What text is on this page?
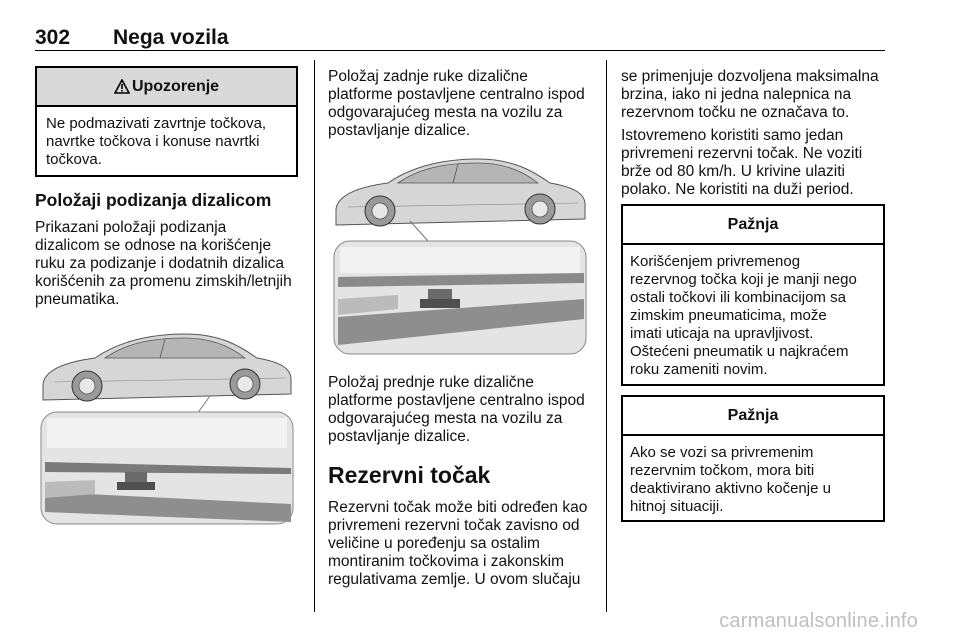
302 Nega vozila
Upozorenje
Ne podmazivati zavrtnje točkova,
navrtke točkova i konuse navrtki
točkova.
Položaji podizanja dizalicom
Prikazani položaji podizanja
dizalicom se odnose na korišćenje
ruku za podizanje i dodatnih dizalica
korišćenih za promenu zimskih/letnjih
pneumatika.
Položaj zadnje ruke dizalične
platforme postavljene centralno ispod
odgovarajućeg mesta na vozilu za
postavljanje dizalice.
Položaj prednje ruke dizalične
platforme postavljene centralno ispod
odgovarajućeg mesta na vozilu za
postavljanje dizalice.
Rezervni točak
Rezervni točak može biti određen kao
privremeni rezervni točak zavisno od
veličine u poređenju sa ostalim
montiranim točkovima i zakonskim
regulativama zemlje. U ovom slučaju
se primenjuje dozvoljena maksimalna
brzina, iako ni jedna nalepnica na
rezervnom točku ne označava to.
Istovremeno koristiti samo jedan
privremeni rezervni točak. Ne voziti
brže od 80 km/h. U krivine ulaziti
polako. Ne koristiti na duži period.
Pažnja
Korišćenjem privremenog
rezervnog točka koji je manji nego
ostali točkovi ili kombinacijom sa
zimskim pneumaticima, može
imati uticaja na upravljivost.
Oštećeni pneumatik u najkraćem
roku zameniti novim.
Pažnja
Ako se vozi sa privremenim
rezervnim točkom, mora biti
deaktivirano aktivno kočenje u
hitnoj situaciji.
carmanualsonline.info
